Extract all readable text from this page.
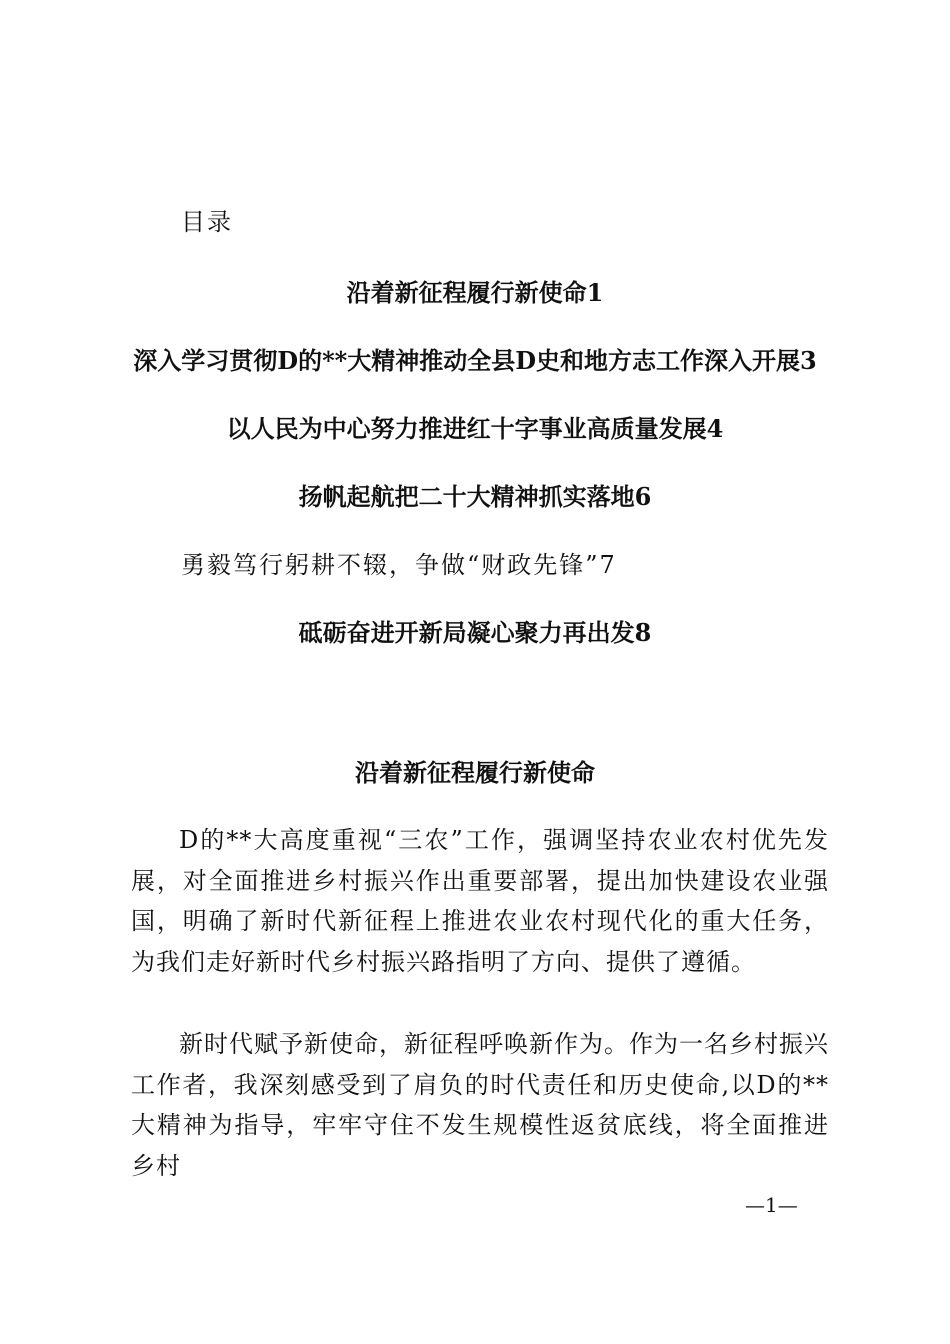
目录
沿着新征程履行新使命1
深入学习贯彻D的**大精神推动全县D史和地方志工作深入开展3
以人民为中心努力推进红十字事业高质量发展4
扬帆起航把二十大精神抓实落地6
勇毅笃行躬耕不辍，争做“财政先锋”7
砥砺奋进开新局凝心聚力再出发8
沿着新征程履行新使命

D的**大高度重视“三农”工作，强调坚持农业农村优先发展，对全面推进乡村振兴作出重要部署，提出加快建设农业强国，明确了新时代新征程上推进农业农村现代化的重大任务，为我们走好新时代乡村振兴路指明了方向、提供了遵循。

新时代赋予新使命，新征程呼唤新作为。作为一名乡村振兴工作者，我深刻感受到了肩负的时代责任和历史使命,以D的**大精神为指导，牢牢守住不发生规模性返贫底线，将全面推进乡村

—1—
